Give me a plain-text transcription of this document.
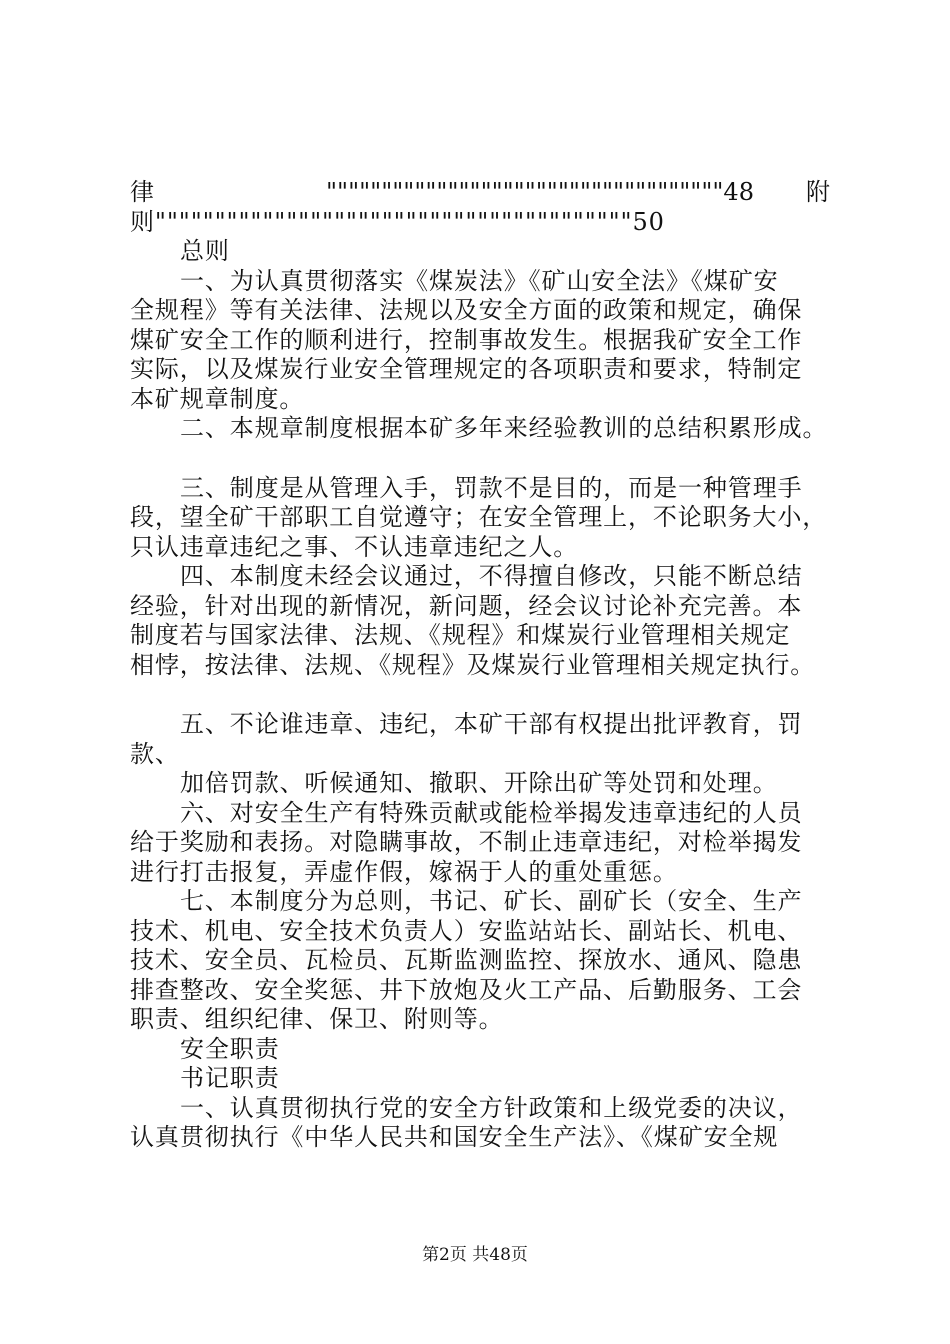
律	""""""""""""""""""""""""""""""""""""48 附
则""""""""""""""""""""""""""""""""""""""""50
总则
一、为认真贯彻落实《煤炭法》《矿山安全法》《煤矿安
全规程》等有关法律、法规以及安全方面的政策和规定，确保
煤矿安全工作的顺利进行，控制事故发生。根据我矿安全工作
实际，以及煤炭行业安全管理规定的各项职责和要求，特制定
本矿规章制度。
二、本规章制度根据本矿多年来经验教训的总结积累形成。
三、制度是从管理入手，罚款不是目的，而是一种管理手
段，望全矿干部职工自觉遵守；在安全管理上，不论职务大小，
只认违章违纪之事、不认违章违纪之人。
四、本制度未经会议通过，不得擅自修改，只能不断总结
经验，针对出现的新情况，新问题，经会议讨论补充完善。本
制度若与国家法律、法规、《规程》和煤炭行业管理相关规定
相悖，按法律、法规、《规程》及煤炭行业管理相关规定执行。
五、不论谁违章、违纪，本矿干部有权提出批评教育，罚
款、
加倍罚款、听候通知、撤职、开除出矿等处罚和处理。
六、对安全生产有特殊贡献或能检举揭发违章违纪的人员
给于奖励和表扬。对隐瞒事故，不制止违章违纪，对检举揭发
进行打击报复，弄虚作假，嫁祸于人的重处重惩。
七、本制度分为总则，书记、矿长、副矿长（安全、生产
技术、机电、安全技术负责人）安监站站长、副站长、机电、
技术、安全员、瓦检员、瓦斯监测监控、探放水、通风、隐患
排查整改、安全奖惩、井下放炮及火工产品、后勤服务、工会
职责、组织纪律、保卫、附则等。
安全职责
书记职责
一、认真贯彻执行党的安全方针政策和上级党委的决议，
认真贯彻执行《中华人民共和国安全生产法》、《煤矿安全规
第2页 共48页
